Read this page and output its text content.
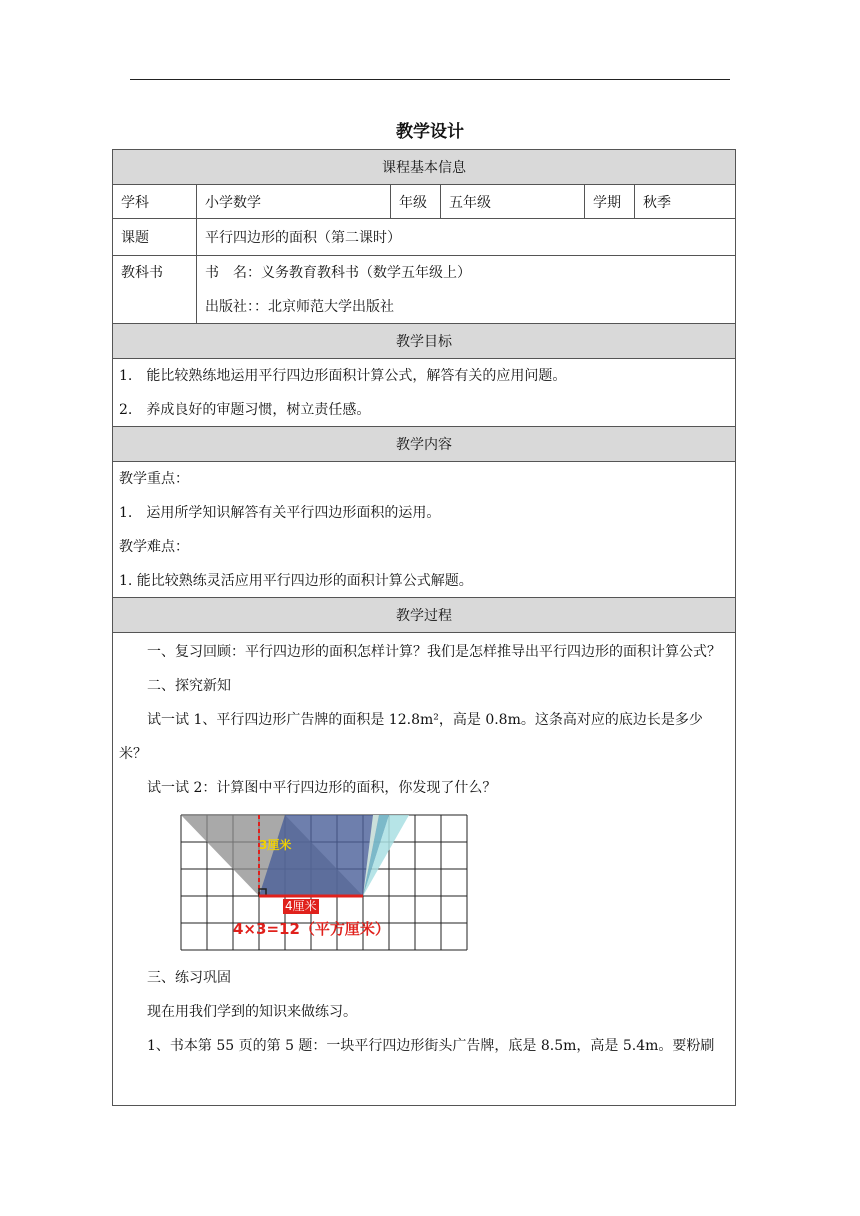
教学设计
课程基本信息
学科	小学数学	年级	五年级	学期	秋季
课题	平行四边形的面积（第二课时）
教科书	书　名：义务教育教科书（数学五年级上）
出版社：：北京师范大学出版社
教学目标
1.　能比较熟练地运用平行四边形面积计算公式，解答有关的应用问题。
2.　养成良好的审题习惯，树立责任感。
教学内容
教学重点：
1.　运用所学知识解答有关平行四边形面积的运用。
教学难点：
1. 能比较熟练灵活应用平行四边形的面积计算公式解题。
教学过程
一、复习回顾：平行四边形的面积怎样计算？我们是怎样推导出平行四边形的面积计算公式？
二、探究新知
试一试 1、平行四边形广告牌的面积是 12.8m²，高是 0.8m。这条高对应的底边长是多少米？
试一试 2：计算图中平行四边形的面积，你发现了什么？
3厘米
4厘米
4×3=12（平方厘米）
三、练习巩固
现在用我们学到的知识来做练习。
1、书本第 55 页的第 5 题：一块平行四边形街头广告牌，底是 8.5m，高是 5.4m。要粉刷
